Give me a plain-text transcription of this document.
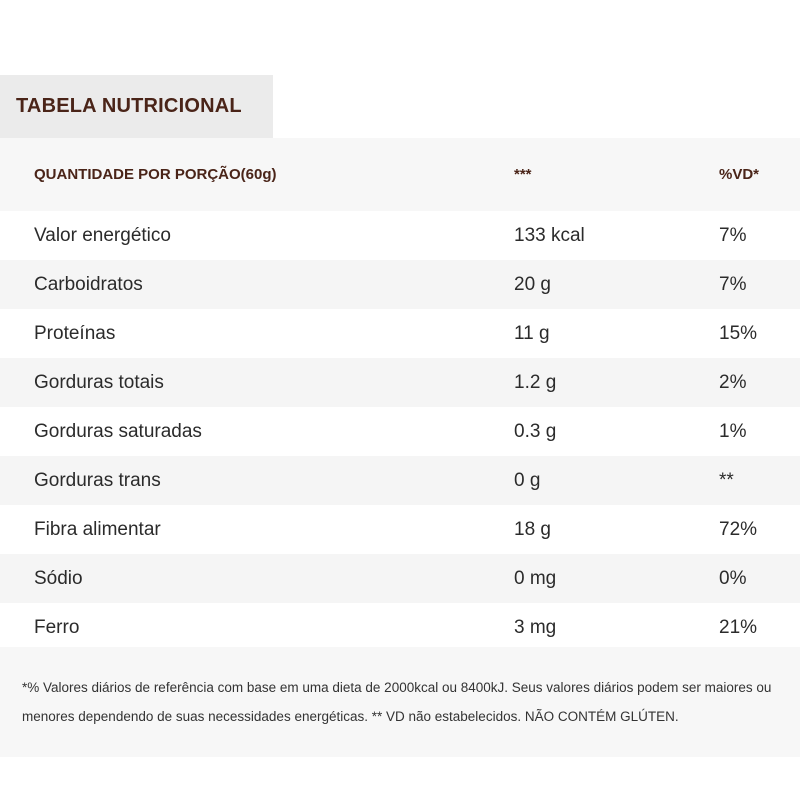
TABELA NUTRICIONAL
QUANTIDADE POR PORÇÃO(60g)	***	%VD*
Valor energético	133 kcal	7%
Carboidratos	20 g	7%
Proteínas	11 g	15%
Gorduras totais	1.2 g	2%
Gorduras saturadas	0.3 g	1%
Gorduras trans	0 g	**
Fibra alimentar	18 g	72%
Sódio	0 mg	0%
Ferro	3 mg	21%
*% Valores diários de referência com base em uma dieta de 2000kcal ou 8400kJ. Seus valores diários podem ser maiores ou
menores dependendo de suas necessidades energéticas. ** VD não estabelecidos. NÃO CONTÉM GLÚTEN.
